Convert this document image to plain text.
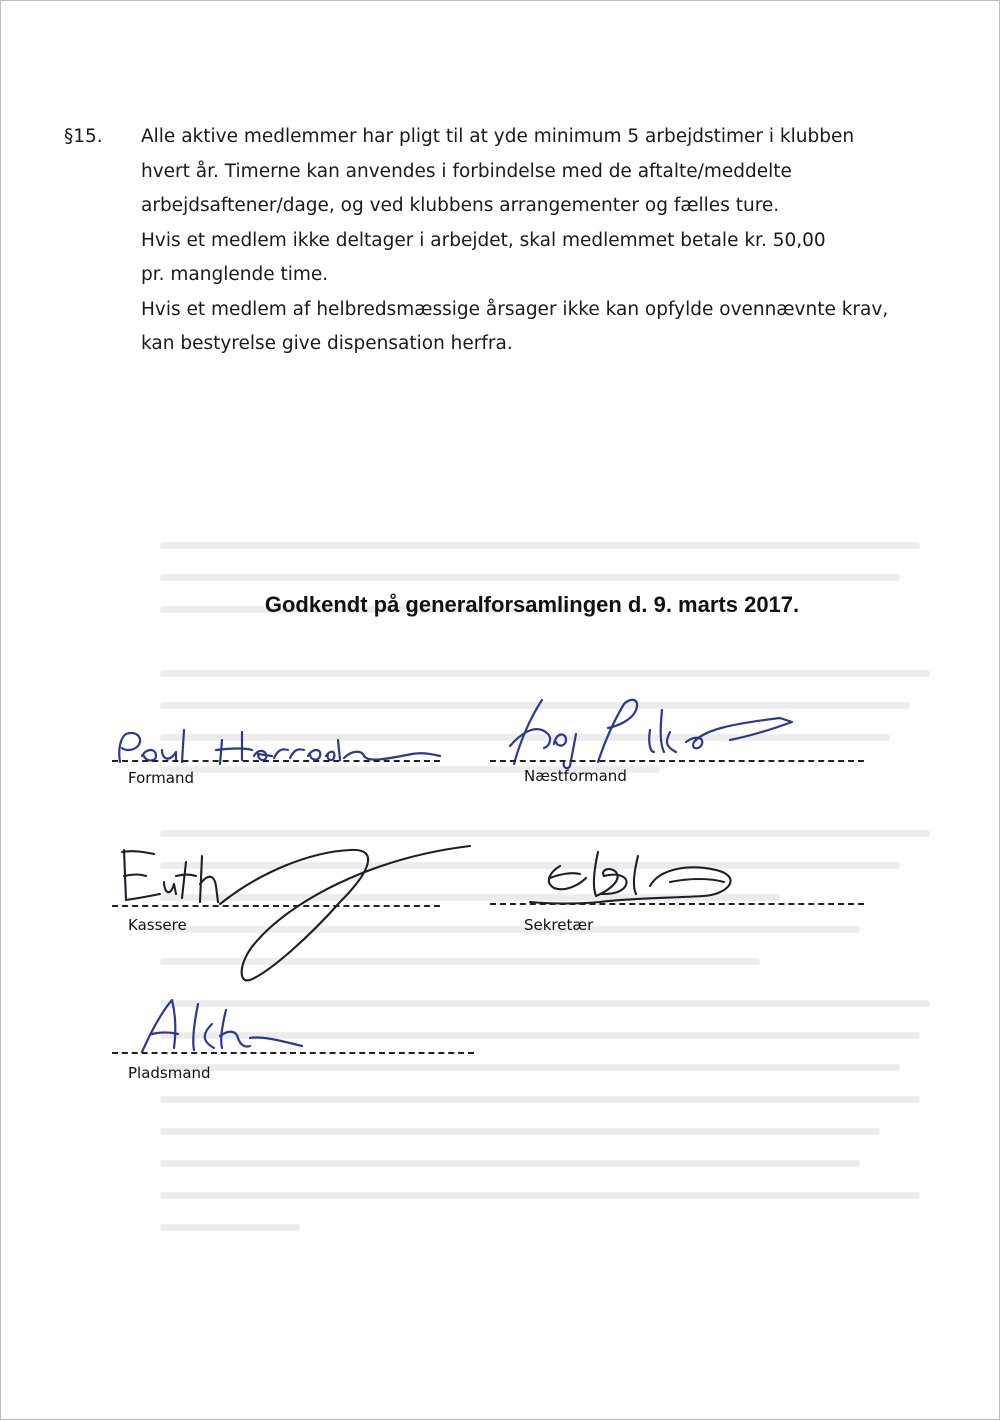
§15. Alle aktive medlemmer har pligt til at yde minimum 5 arbejdstimer i klubben
hvert år. Timerne kan anvendes i forbindelse med de aftalte/meddelte
arbejdsaftener/dage, og ved klubbens arrangementer og fælles ture.
Hvis et medlem ikke deltager i arbejdet, skal medlemmet betale kr. 50,00
pr. manglende time.
Hvis et medlem af helbredsmæssige årsager ikke kan opfylde ovennævnte krav,
kan bestyrelse give dispensation herfra.
Godkendt på generalforsamlingen d. 9. marts 2017.
Formand	Næstformand
Kassere	Sekretær
Pladsmand
